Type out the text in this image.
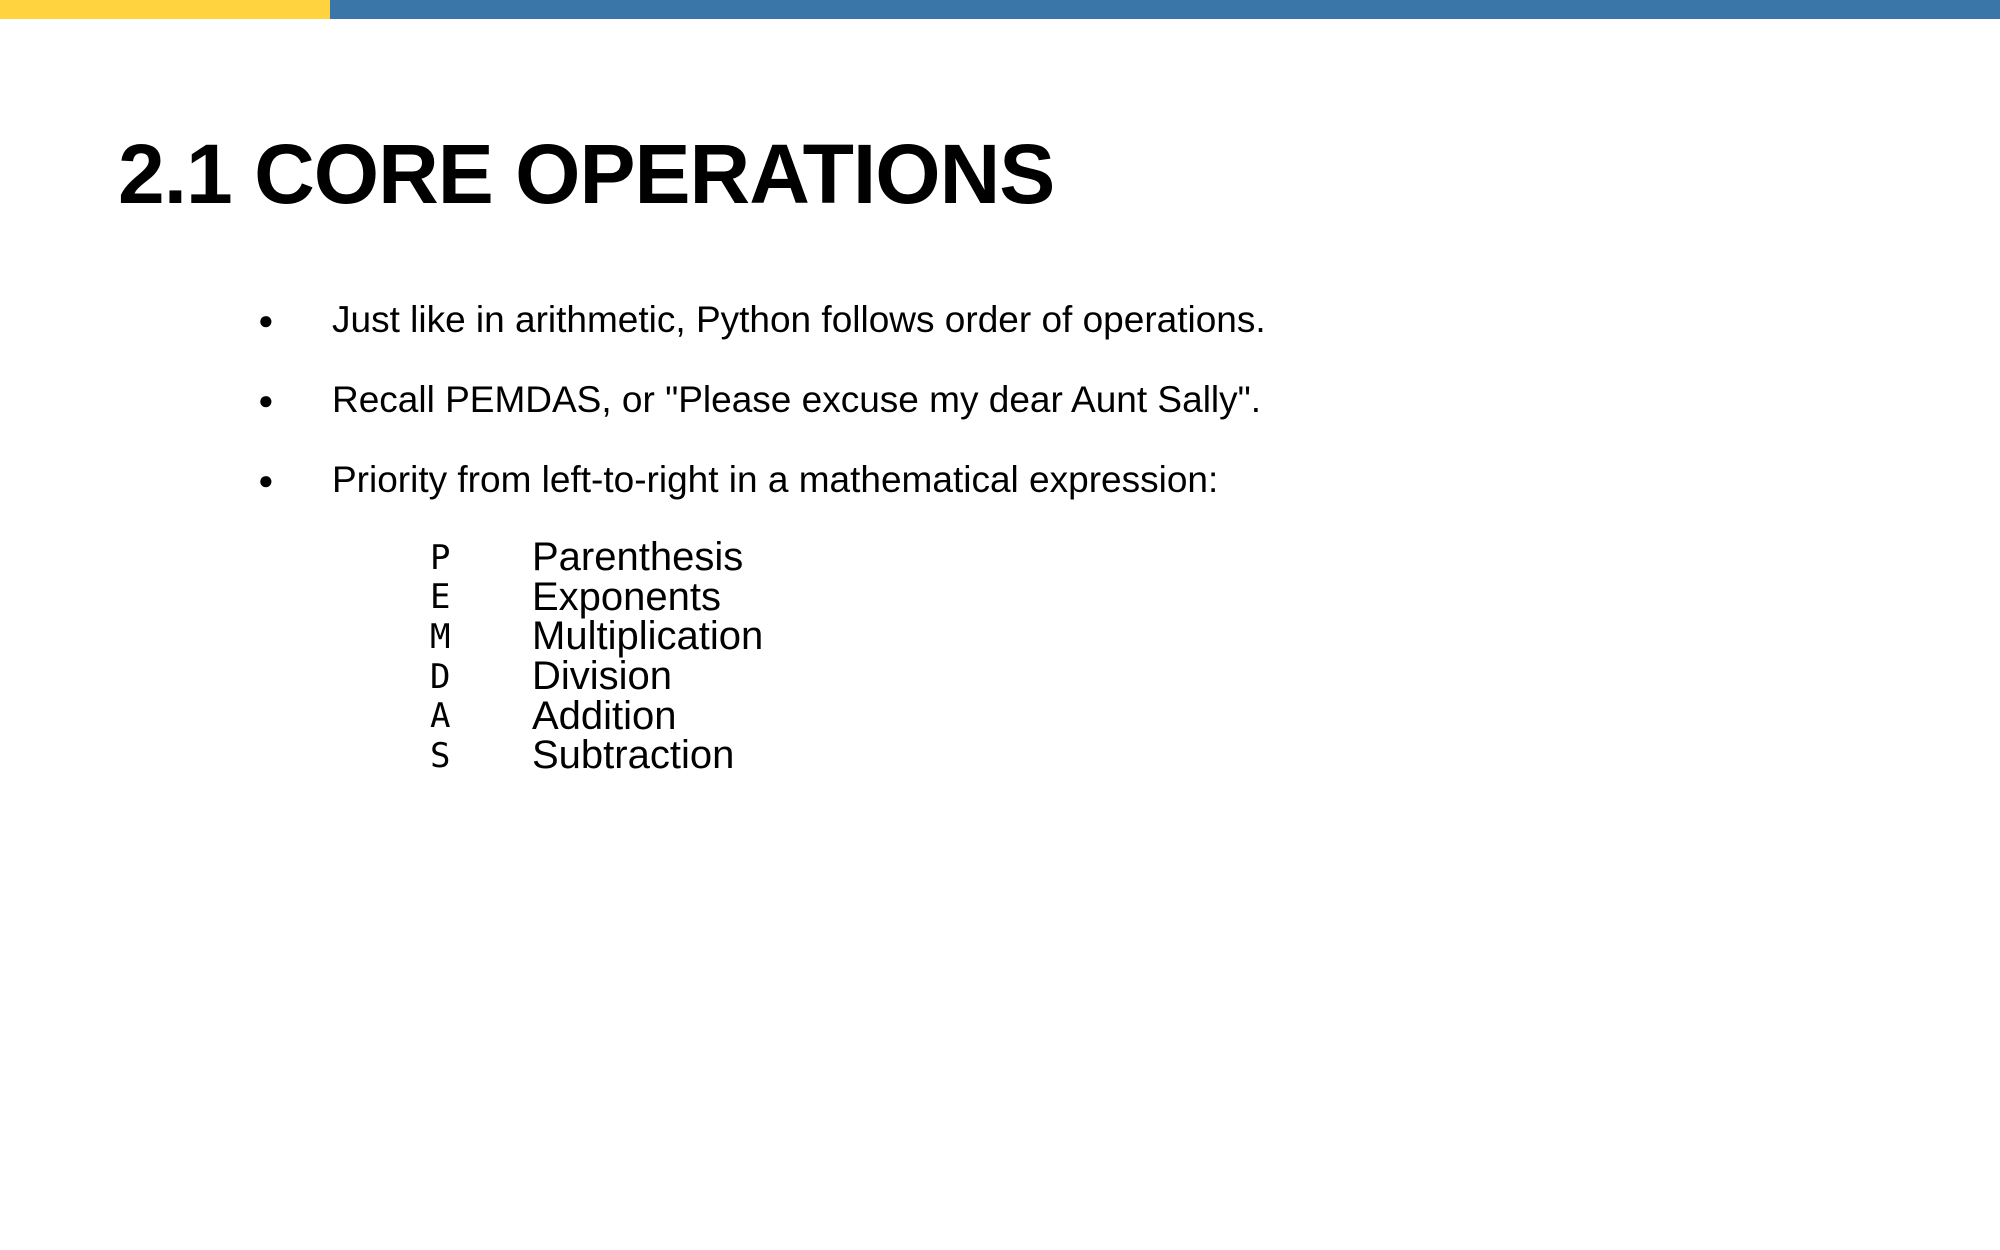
2.1 CORE OPERATIONS
●	Just like in arithmetic, Python follows order of operations.
●	Recall PEMDAS, or "Please excuse my dear Aunt Sally".
●	Priority from left-to-right in a mathematical expression:
P	Parenthesis
E	Exponents
M	Multiplication
D	Division
A	Addition
S	Subtraction
